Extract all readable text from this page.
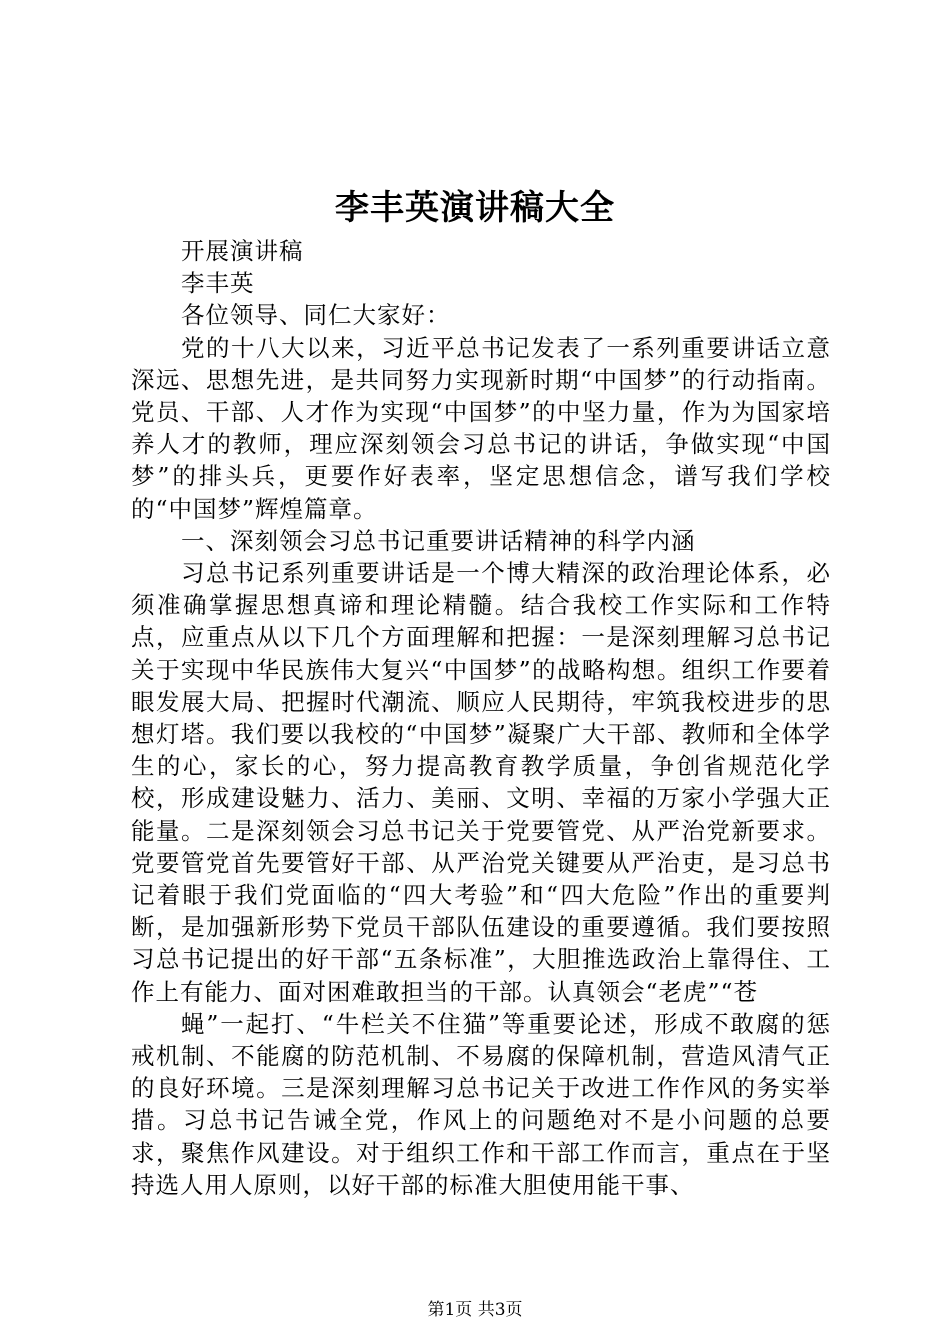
李丰英演讲稿大全

开展演讲稿

李丰英

各位领导、同仁大家好：

党的十八大以来，习近平总书记发表了一系列重要讲话立意深远、思想先进，是共同努力实现新时期“中国梦”的行动指南。党员、干部、人才作为实现“中国梦”的中坚力量，作为为国家培养人才的教师，理应深刻领会习总书记的讲话，争做实现“中国梦”的排头兵，更要作好表率，坚定思想信念，谱写我们学校的“中国梦”辉煌篇章。

一、深刻领会习总书记重要讲话精神的科学内涵

习总书记系列重要讲话是一个博大精深的政治理论体系，必须准确掌握思想真谛和理论精髓。结合我校工作实际和工作特点，应重点从以下几个方面理解和把握：一是深刻理解习总书记关于实现中华民族伟大复兴“中国梦”的战略构想。组织工作要着眼发展大局、把握时代潮流、顺应人民期待，牢筑我校进步的思想灯塔。我们要以我校的“中国梦”凝聚广大干部、教师和全体学生的心，家长的心，努力提高教育教学质量，争创省规范化学校，形成建设魅力、活力、美丽、文明、幸福的万家小学强大正能量。二是深刻领会习总书记关于党要管党、从严治党新要求。党要管党首先要管好干部、从严治党关键要从严治吏，是习总书记着眼于我们党面临的“四大考验”和“四大危险”作出的重要判断，是加强新形势下党员干部队伍建设的重要遵循。我们要按照习总书记提出的好干部“五条标准”，大胆推选政治上靠得住、工作上有能力、面对困难敢担当的干部。认真领会“老虎”“苍

蝇”一起打、“牛栏关不住猫”等重要论述，形成不敢腐的惩戒机制、不能腐的防范机制、不易腐的保障机制，营造风清气正的良好环境。三是深刻理解习总书记关于改进工作作风的务实举措。习总书记告诫全党，作风上的问题绝对不是小问题的总要求，聚焦作风建设。对于组织工作和干部工作而言，重点在于坚持选人用人原则，以好干部的标准大胆使用能干事、

第1页 共3页
